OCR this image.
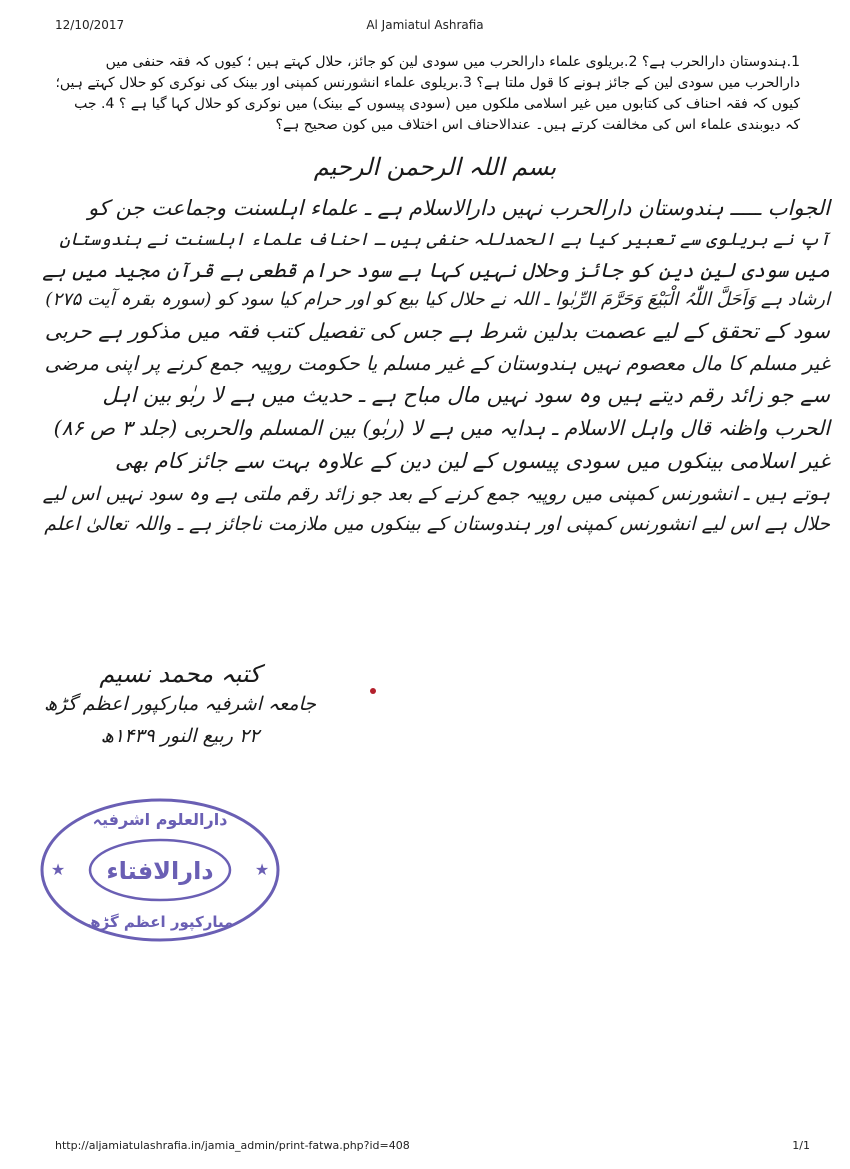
12/10/2017	Al Jamiatul Ashrafia
1.ہندوستان دارالحرب ہے؟ 2.بریلوی علماء دارالحرب میں سودی لین کو جائز، حلال کہتے ہیں ؛ کیوں کہ فقہ حنفی میں دارالحرب میں سودی لین کے جائز ہونے کا قول ملتا ہے؟ 3.بریلوی علماء انشورنس کمپنی اور بینک کی نوکری کو حلال کہتے ہیں؛ کیوں کہ فقہ احناف کی کتابوں میں غیر اسلامی ملکوں میں (سودی پیسوں کے بینک) میں نوکری کو حلال کہا گیا ہے ؟ 4. جب کہ دیوبندی علماء اس کی مخالفت کرتے ہیں۔ عندالاحناف اس اختلاف میں کون صحیح ہے؟
بسم اللہ الرحمن الرحیم
الجواب ـــــ ہندوستان دارالحرب نہیں دارالاسلام ہے ـ علماء اہلسنت وجماعت جن کو
آپ نے بریلوی سے تعبیر کیا ہے الحمدللہ حنفی ہیں ـ احناف علماء اہلسنت نے ہندوستان
میں سودی لین دین کو جائز وحلال نہیں کہا ہے سود حرام قطعی ہے قرآن مجید میں ہے
ارشاد ہے وَاَحَلَّ اللّٰہُ الْبَیْعَ وَحَرَّمَ الرِّبٰوا ـ اللہ نے حلال کیا بیع کو اور حرام کیا سود کو (سورہ بقرہ آیت ۲۷۵)
سود کے تحقق کے لیے عصمت بدلین شرط ہے جس کی تفصیل کتب فقہ میں مذکور ہے حربی
غیر مسلم کا مال معصوم نہیں ہندوستان کے غیر مسلم یا حکومت روپیہ جمع کرنے پر اپنی مرضی
سے جو زائد رقم دیتے ہیں وہ سود نہیں مال مباح ہے ـ حدیث میں ہے لا ربٰو بین اہل
الحرب واظنہ قال واہل الاسلام ـ ہدایہ میں ہے لا (ربٰو) بین المسلم والحربی (جلد ۳ ص ۸۶)
غیر اسلامی بینکوں میں سودی پیسوں کے لین دین کے علاوہ بہت سے جائز کام بھی
ہوتے ہیں ـ انشورنس کمپنی میں روپیہ جمع کرنے کے بعد جو زائد رقم ملتی ہے وہ سود نہیں اس لیے
حلال ہے اس لیے انشورنس کمپنی اور ہندوستان کے بینکوں میں ملازمت ناجائز ہے ـ واللہ تعالیٰ اعلم
کتبہ محمد نسیم
جامعہ اشرفیہ مبارکپور اعظم گڑھ
۲۲ ربیع النور ۱۴۳۹ھ
دارالعلوم اشرفیہ
دارالافتاء
مبارکپور اعظم گڑھ
★	★
http://aljamiatulashrafia.in/jamia_admin/print-fatwa.php?id=408	1/1
